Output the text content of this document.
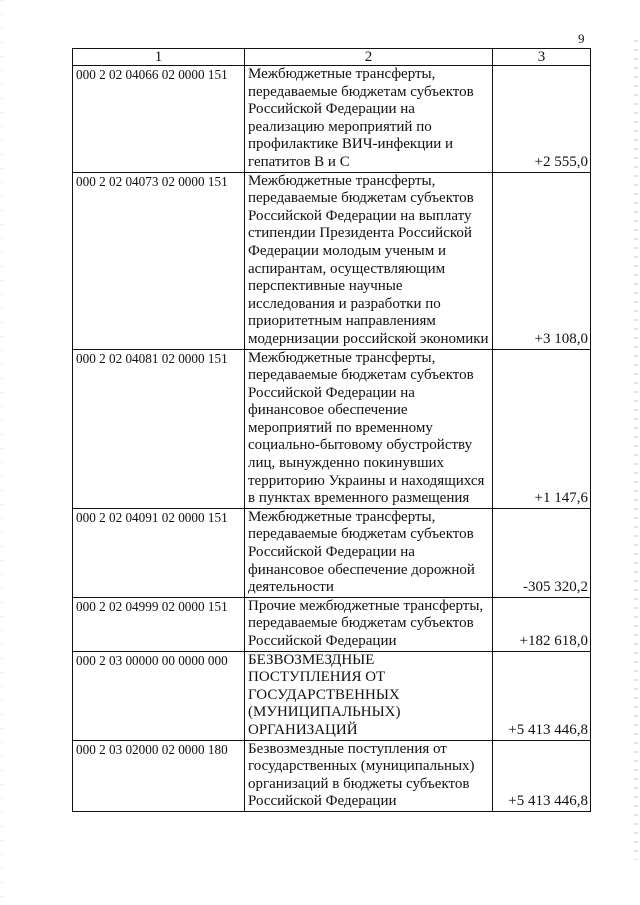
9
1	2	3
000 2 02 04066 02 0000 151	Межбюджетные трансферты, передаваемые бюджетам субъектов Российской Федерации на реализацию мероприятий по профилактике ВИЧ-инфекции и гепатитов В и С	+2 555,0
000 2 02 04073 02 0000 151	Межбюджетные трансферты, передаваемые бюджетам субъектов Российской Федерации на выплату стипендии Президента Российской Федерации молодым ученым и аспирантам, осуществляющим перспективные научные исследования и разработки по приоритетным направлениям модернизации российской экономики	+3 108,0
000 2 02 04081 02 0000 151	Межбюджетные трансферты, передаваемые бюджетам субъектов Российской Федерации на финансовое обеспечение мероприятий по временному социально-бытовому обустройству лиц, вынужденно покинувших территорию Украины и находящихся в пунктах временного размещения	+1 147,6
000 2 02 04091 02 0000 151	Межбюджетные трансферты, передаваемые бюджетам субъектов Российской Федерации на финансовое обеспечение дорожной деятельности	-305 320,2
000 2 02 04999 02 0000 151	Прочие межбюджетные трансферты, передаваемые бюджетам субъектов Российской Федерации	+182 618,0
000 2 03 00000 00 0000 000	БЕЗВОЗМЕЗДНЫЕ ПОСТУПЛЕНИЯ ОТ ГОСУДАРСТВЕННЫХ (МУНИЦИПАЛЬНЫХ) ОРГАНИЗАЦИЙ	+5 413 446,8
000 2 03 02000 02 0000 180	Безвозмездные поступления от государственных (муниципальных) организаций в бюджеты субъектов Российской Федерации	+5 413 446,8
